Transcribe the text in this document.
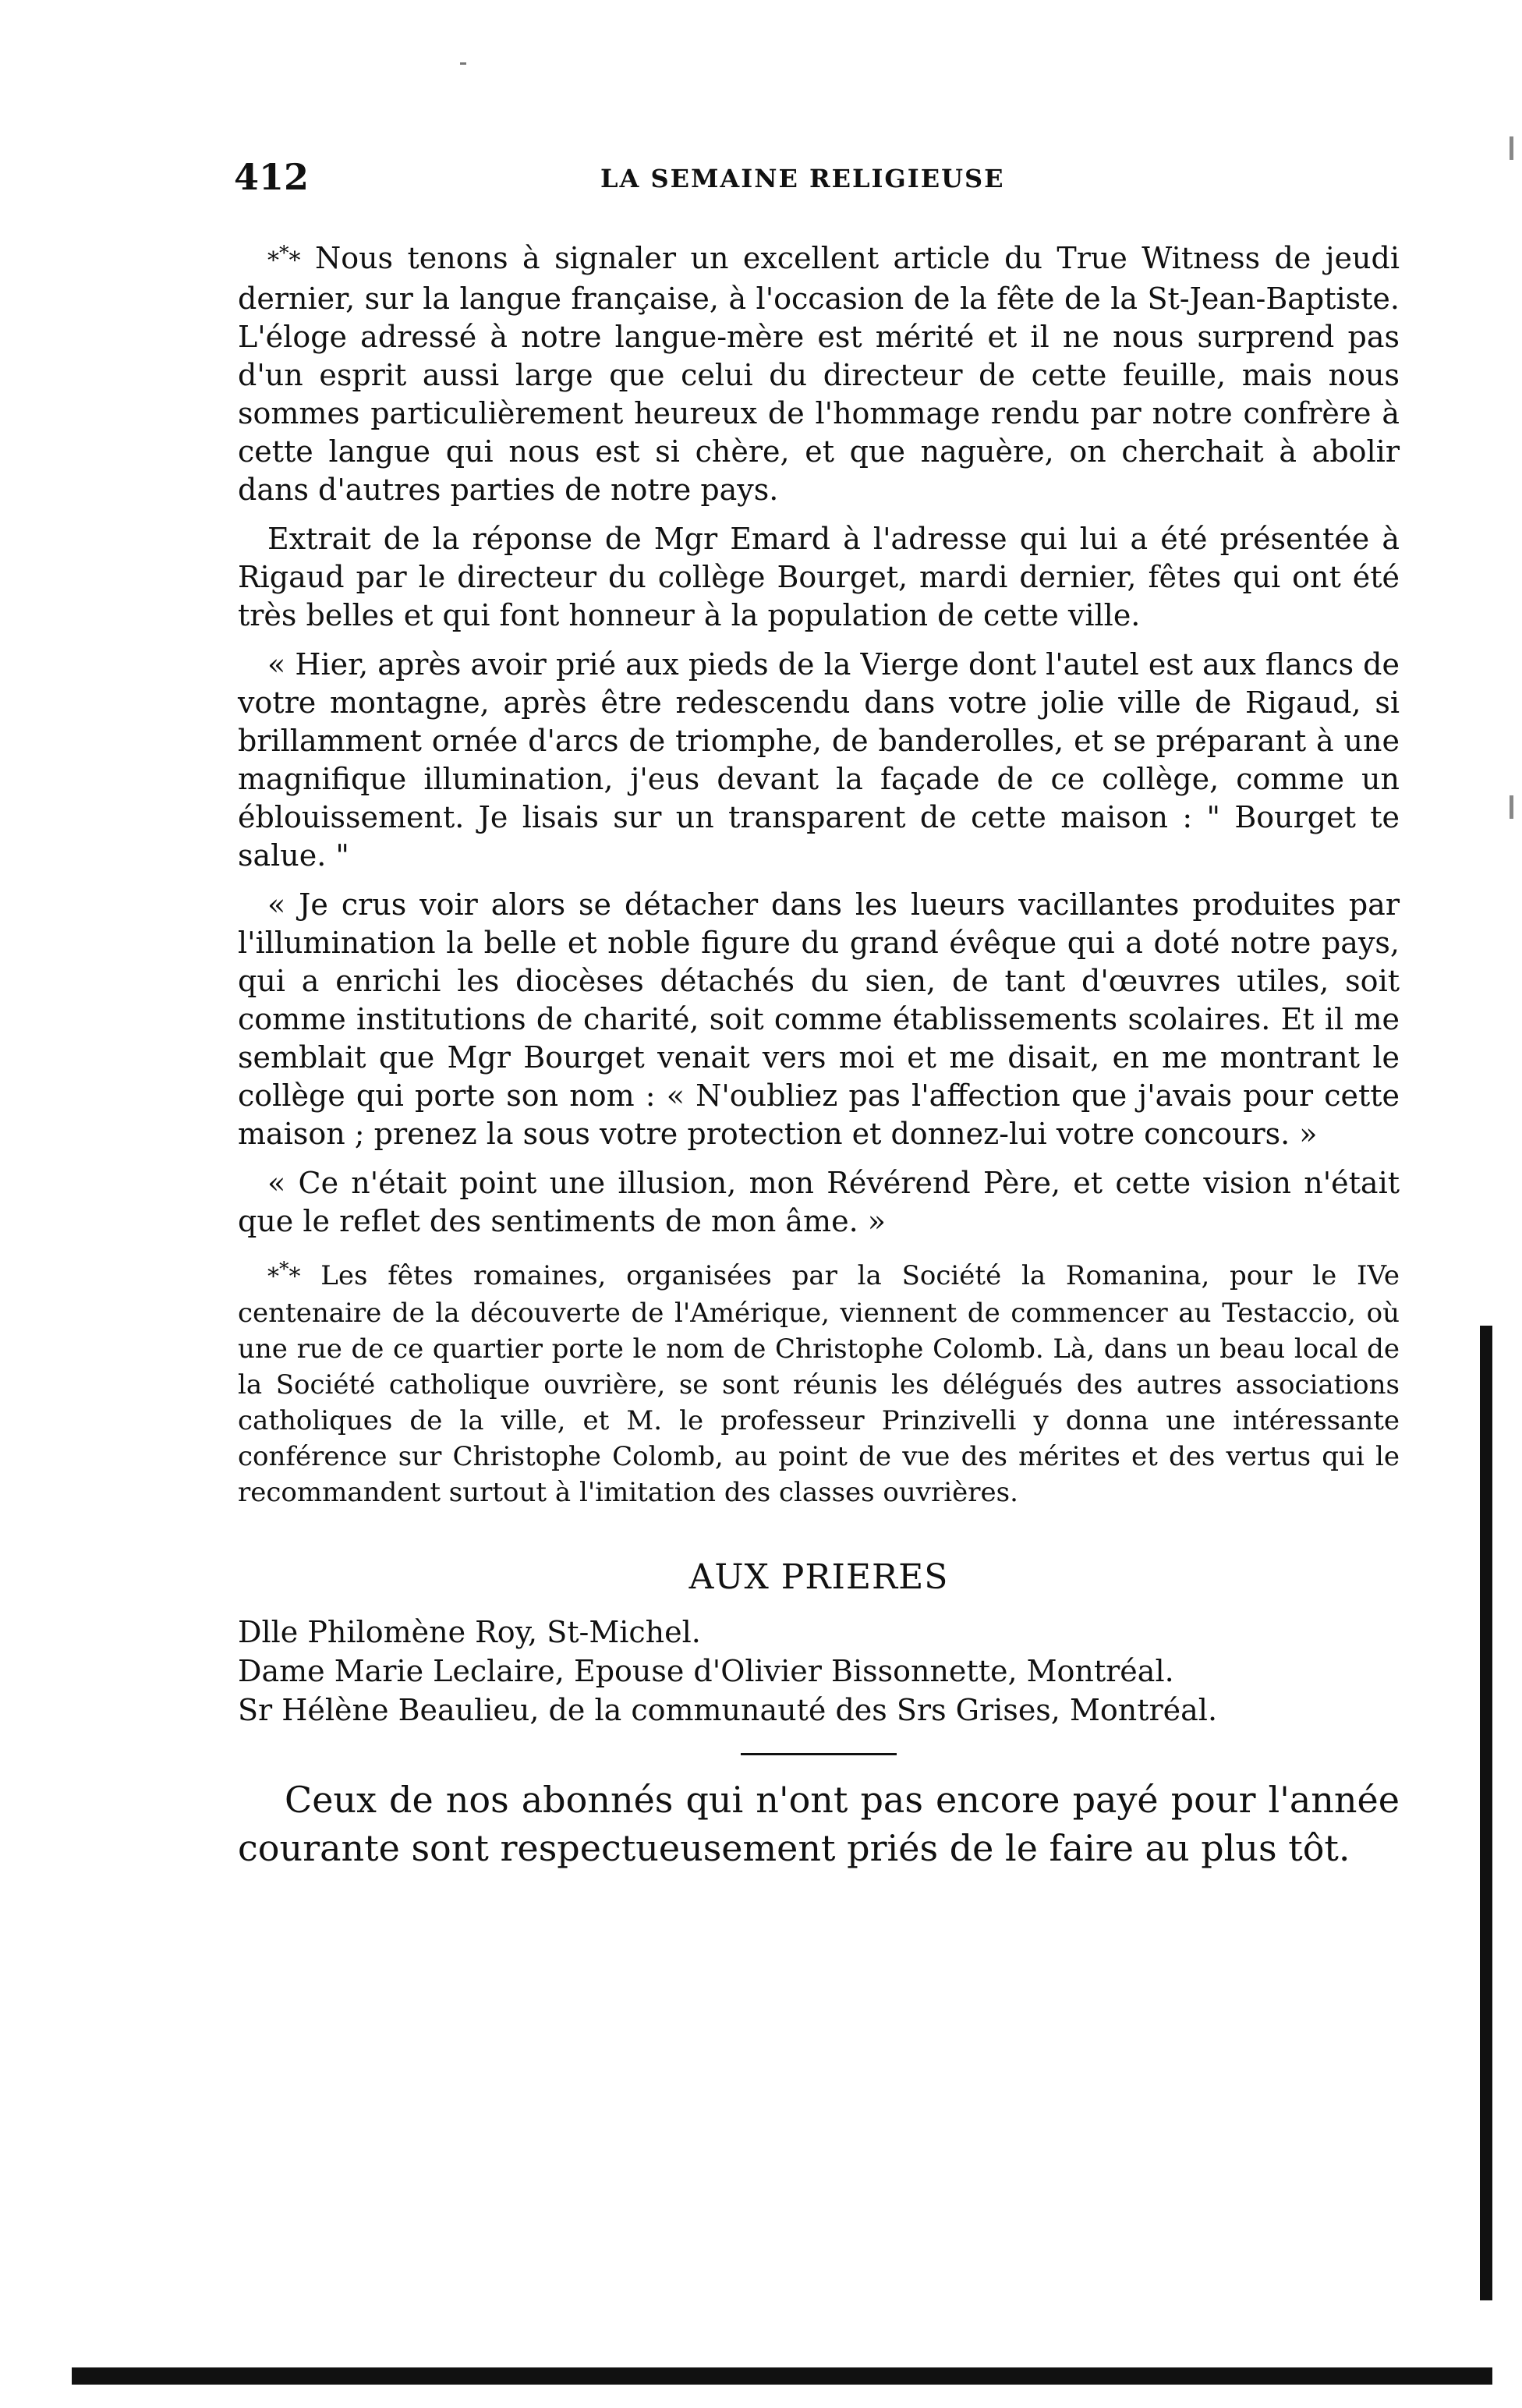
412	LA SEMAINE RELIGIEUSE

*** Nous tenons à signaler un excellent article du True Witness de jeudi dernier, sur la langue française, à l'occasion de la fête de la St-Jean-Baptiste. L'éloge adressé à notre langue-mère est mérité et il ne nous surprend pas d'un esprit aussi large que celui du directeur de cette feuille, mais nous sommes particulièrement heureux de l'hommage rendu par notre confrère à cette langue qui nous est si chère, et que naguère, on cherchait à abolir dans d'autres parties de notre pays.

Extrait de la réponse de Mgr Emard à l'adresse qui lui a été présentée à Rigaud par le directeur du collège Bourget, mardi dernier, fêtes qui ont été très belles et qui font honneur à la population de cette ville.

« Hier, après avoir prié aux pieds de la Vierge dont l'autel est aux flancs de votre montagne, après être redescendu dans votre jolie ville de Rigaud, si brillamment ornée d'arcs de triomphe, de banderolles, et se préparant à une magnifique illumination, j'eus devant la façade de ce collège, comme un éblouissement. Je lisais sur un transparent de cette maison : " Bourget te salue. "

« Je crus voir alors se détacher dans les lueurs vacillantes produites par l'illumination la belle et noble figure du grand évêque qui a doté notre pays, qui a enrichi les diocèses détachés du sien, de tant d'œuvres utiles, soit comme institutions de charité, soit comme établissements scolaires. Et il me semblait que Mgr Bourget venait vers moi et me disait, en me montrant le collège qui porte son nom : « N'oubliez pas l'affection que j'avais pour cette maison ; prenez la sous votre protection et donnez-lui votre concours. »

« Ce n'était point une illusion, mon Révérend Père, et cette vision n'était que le reflet des sentiments de mon âme. »

*** Les fêtes romaines, organisées par la Société la Romanina, pour le IVe centenaire de la découverte de l'Amérique, viennent de commencer au Testaccio, où une rue de ce quartier porte le nom de Christophe Colomb. Là, dans un beau local de la Société catholique ouvrière, se sont réunis les délégués des autres associations catholiques de la ville, et M. le professeur Prinzivelli y donna une intéressante conférence sur Christophe Colomb, au point de vue des mérites et des vertus qui le recommandent surtout à l'imitation des classes ouvrières.

AUX PRIERES

Dlle Philomène Roy, St-Michel.

Dame Marie Leclaire, Epouse d'Olivier Bissonnette, Montréal.

Sr Hélène Beaulieu, de la communauté des Srs Grises, Montréal.

Ceux de nos abonnés qui n'ont pas encore payé pour l'année courante sont respectueusement priés de le faire au plus tôt.
